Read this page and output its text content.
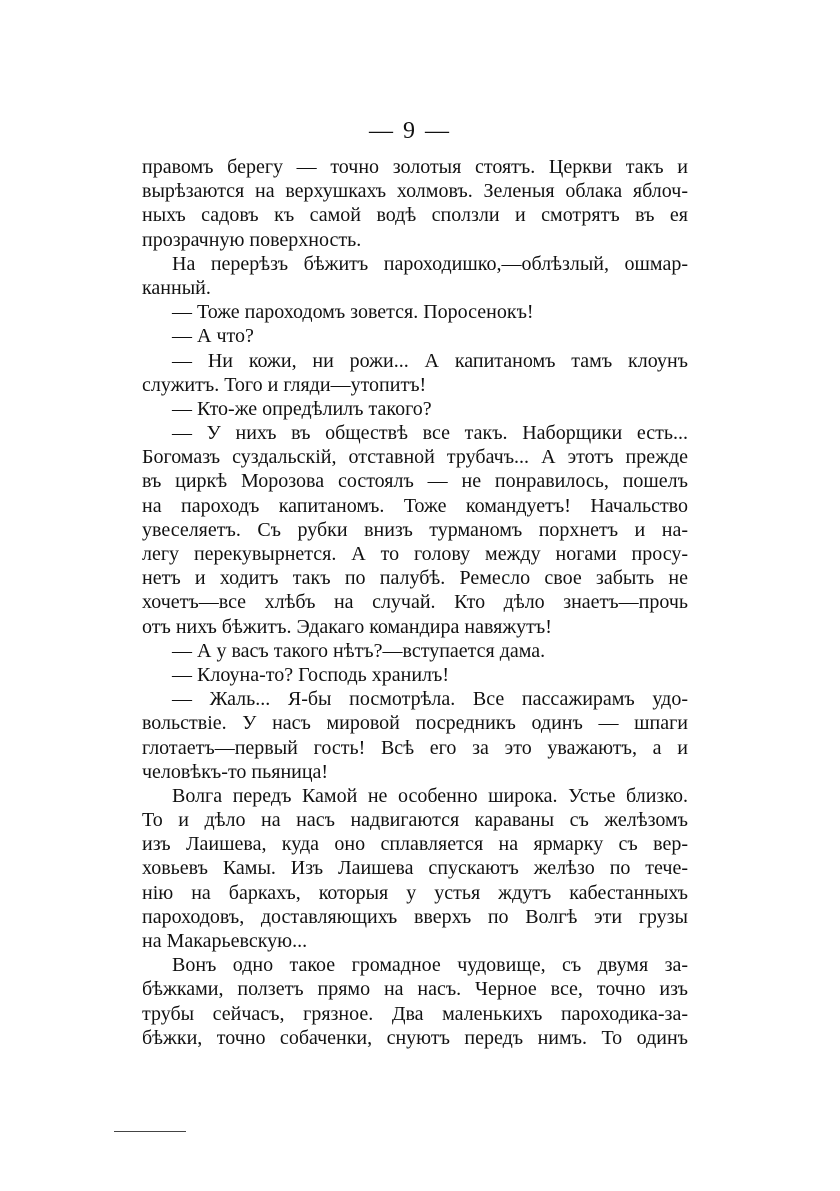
— 9 —
правомъ берегу — точно золотыя стоятъ. Церкви такъ и
вырѣзаются на верхушкахъ холмовъ. Зеленыя облака яблоч-
ныхъ садовъ къ самой водѣ сползли и смотрятъ въ ея
прозрачную поверхность.
На перерѣзъ бѣжитъ пароходишко,—облѣзлый, ошмар-
канный.
— Тоже пароходомъ зовется. Поросенокъ!
— А что?
— Ни кожи, ни рожи... А капитаномъ тамъ клоунъ
служитъ. Того и гляди—утопитъ!
— Кто-же опредѣлилъ такого?
— У нихъ въ обществѣ все такъ. Наборщики есть...
Богомазъ суздальскій, отставной трубачъ... А этотъ прежде
въ циркѣ Морозова состоялъ — не понравилось, пошелъ
на пароходъ капитаномъ. Тоже командуетъ! Начальство
увеселяетъ. Съ рубки внизъ турманомъ порхнетъ и на-
легу перекувырнется. А то голову между ногами просу-
нетъ и ходитъ такъ по палубѣ. Ремесло свое забыть не
хочетъ—все хлѣбъ на случай. Кто дѣло знаетъ—прочь
отъ нихъ бѣжитъ. Эдакаго командира навяжутъ!
— А у васъ такого нѣтъ?—вступается дама.
— Клоуна-то? Господь хранилъ!
— Жаль... Я-бы посмотрѣла. Все пассажирамъ удо-
вольствіе. У насъ мировой посредникъ одинъ — шпаги
глотаетъ—первый гость! Всѣ его за это уважаютъ, а и
человѣкъ-то пьяница!
Волга передъ Камой не особенно широка. Устье близко.
То и дѣло на насъ надвигаются караваны съ желѣзомъ
изъ Лаишева, куда оно сплавляется на ярмарку съ вер-
ховьевъ Камы. Изъ Лаишева спускаютъ желѣзо по тече-
нію на баркахъ, которыя у устья ждутъ кабестанныхъ
пароходовъ, доставляющихъ вверхъ по Волгѣ эти грузы
на Макарьевскую...
Вонъ одно такое громадное чудовище, съ двумя за-
бѣжками, ползетъ прямо на насъ. Черное все, точно изъ
трубы сейчасъ, грязное. Два маленькихъ пароходика-за-
бѣжки, точно собаченки, снуютъ передъ нимъ. То одинъ
